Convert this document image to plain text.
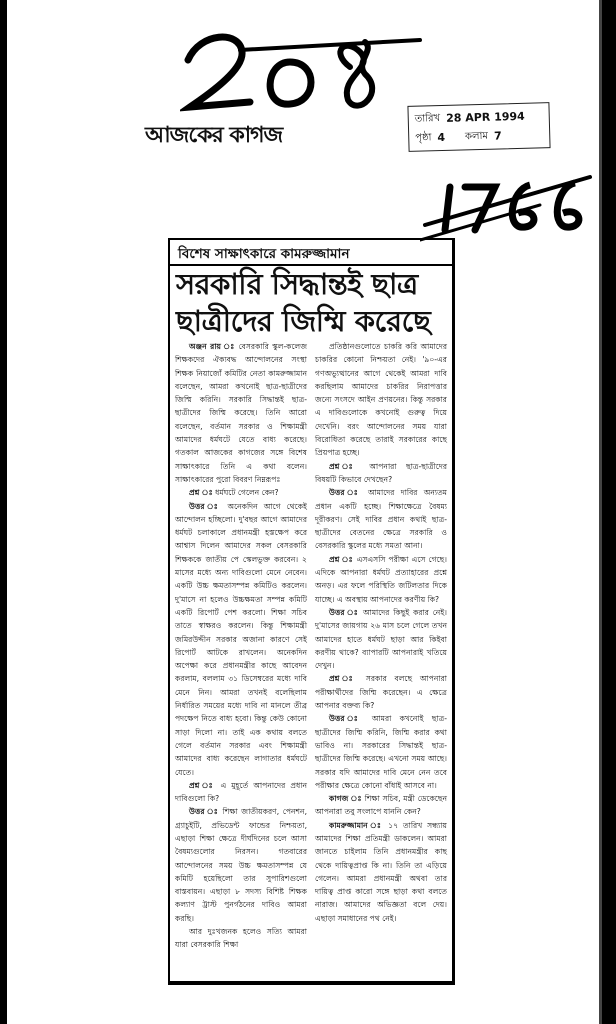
আজকের কাগজ
তারিখ 28 APR 1994
পৃষ্ঠা 4 কলাম 7
বিশেষ সাক্ষাৎকারে কামরুজ্জামান
সরকারি সিদ্ধান্তই ছাত্র
ছাত্রীদের জিম্মি করেছে

অঞ্জন রায় ঃ বেসরকারি স্কুল-কলেজ শিক্ষকদের ঐক্যবদ্ধ আন্দোলনের সংস্থা শিক্ষক নিয়াজোঁ কমিটির নেতা কামরুজ্জামান বলেছেন, আমরা কখনোই ছাত্র-ছাত্রীদের জিম্মি করিনি। সরকারি সিদ্ধান্তই ছাত্র-ছাত্রীদের জিম্মি করেছে। তিনি আরো বলেছেন, বর্তমান সরকার ও শিক্ষামন্ত্রী আমাদের ধর্মঘটে যেতে বাধ্য করেছে। গতকাল আজকের কাগজের সঙ্গে বিশেষ সাক্ষাৎকারে তিনি এ কথা বলেন। সাক্ষাৎকারের পুরো বিবরণ নিম্নরূপঃ

প্রশ্ন ঃ ধর্মঘটে গেলেন কেন?

উত্তর ঃ অনেকদিন আগে থেকেই আন্দোলন হচ্ছিলো। দু'বছর আগে আমাদের ধর্মঘট চলাকালে প্রধানমন্ত্রী হস্তক্ষেপ করে আশ্বাস দিলেন আমাদের সকল বেসরকারি শিক্ষককে জাতীয় পে স্কেলভুক্ত করবেন। ২ মাসের মধ্যে অন্য দাবিগুলো মেনে নেবেন। একটি উচ্চ ক্ষমতাসম্পন্ন কমিটিও করলেন। দু'মাসে না হলেও উচ্চক্ষমতা সম্পন্ন কমিটি একটি রিপোর্ট পেশ করলো। শিক্ষা সচিব তাতে স্বাক্ষরও করলেন। কিন্তু শিক্ষামন্ত্রী জমিরউদ্দীন সরকার অজানা কারণে সেই রিপোর্ট আটকে রাখলেন। অনেকদিন অপেক্ষা করে প্রধানমন্ত্রীর কাছে আবেদন করলাম, বললাম ৩১ ডিসেম্বরের মধ্যে দাবি মেনে নিন। আমরা তখনই বলেছিলাম নির্ধারিত সময়ের মধ্যে দাবি না মানলে তীব্র পদক্ষেপ নিতে বাধ্য হবো। কিন্তু কেউ কোনো সাড়া দিলো না। তাই এক কথায় বলতে গেলে বর্তমান সরকার এবং শিক্ষামন্ত্রী আমাদের বাধ্য করেছেন লাগাতার ধর্মঘটে যেতে।

প্রশ্ন ঃ এ মুহূর্তে আপনাদের প্রধান দাবিগুলো কি?

উত্তর ঃ শিক্ষা জাতীয়করণ, পেনশন, গ্র্যাচুইটি, প্রভিডেন্ট ফান্ডের নিশ্চয়তা, এছাড়া শিক্ষা ক্ষেত্রে দীর্ঘদিনের চলে আসা বৈষম্যগুলোর নিরসন। গতবারের আন্দোলনের সময় উচ্চ ক্ষমতাসম্পন্ন যে কমিটি হয়েছিলো তার সুপারিশগুলো বাস্তবায়ন। এছাড়া ৮ সদস্য বিশিষ্ট শিক্ষক কল্যাণ ট্রাস্ট পুনর্গঠনের দাবিও আমরা করছি।

আর দুঃখজনক হলেও সত্যি আমরা যারা বেসরকারি শিক্ষা

প্রতিষ্ঠানগুলোতে চাকরি করি আমাদের চাকরির কোনো নিশ্চয়তা নেই। '৯০-এর গণঅভ্যুত্থানের আগে থেকেই আমরা দাবি করছিলাম আমাদের চাকরির নিরাপত্তার জন্যে সংসদে আইন প্রণয়নের। কিন্তু সরকার এ দাবিগুলোকে কখনোই গুরুত্ব দিয়ে দেখেনি। বরং আন্দোলনের সময় যারা বিরোধিতা করেছে তারাই সরকারের কাছে প্রিয়পাত্র হচ্ছে।

প্রশ্ন ঃ আপনারা ছাত্র-ছাত্রীদের বিষয়টি কিভাবে দেখছেন?

উত্তর ঃ আমাদের দাবির অন্যতম প্রধান একটি হচ্ছে। শিক্ষাক্ষেত্রে বৈষম্য দূরীকরণ। সেই দাবির প্রধান কথাই ছাত্র-ছাত্রীদের বেতনের ক্ষেত্রে সরকারি ও বেসরকারি স্কুলের মধ্যে সমতা আনা।

প্রশ্ন ঃ এসএসসি পরীক্ষা এসে গেছে। এদিকে আপনারা ধর্মঘট প্রত্যাহারের প্রশ্নে অনড়। এর ফলে পরিস্থিতি জটিলতার দিকে যাচ্ছে। এ অবস্থায় আপনাদের করণীয় কি?

উত্তর ঃ আমাদের কিছুই করার নেই। দু'মাসের জায়গায় ২৬ মাস চলে গেলে তখন আমাদের হাতে ধর্মঘট ছাড়া আর কিইবা করণীয় থাকে? ব্যাপারটি আপনারাই খতিয়ে দেখুন।

প্রশ্ন ঃ সরকার বলছে আপনারা পরীক্ষার্থীদের জিম্মি করেছেন। এ ক্ষেত্রে আপনার বক্তব্য কি?

উত্তর ঃ আমরা কখনোই ছাত্র-ছাত্রীদের জিম্মি করিনি, জিম্মি করার কথা ভাবিও না। সরকারের সিদ্ধান্তই ছাত্র-ছাত্রীদের জিম্মি করেছে। এখনো সময় আছে। সরকার যদি আমাদের দাবি মেনে নেন তবে পরীক্ষার ক্ষেত্রে কোনো বাঁধাই আসবে না।

কাগজ ঃ শিক্ষা সচিব, মন্ত্রী ডেকেছেন আপনারা তবু সংলাপে যাননি কেন?

কামরুজ্জামান ঃ ১৭ তারিখ সন্ধ্যায় আমাদের শিক্ষা প্রতিমন্ত্রী ডাকলেন। আমরা জানতে চাইলাম তিনি প্রধানমন্ত্রীর কাছ থেকে দায়িত্বপ্রাপ্ত কি না। তিনি তা এড়িয়ে গেলেন। আমরা প্রধানমন্ত্রী অথবা তার দায়িত্ব প্রাপ্ত কারো সঙ্গে ছাড়া কথা বলতে নারাজ। আমাদের অভিজ্ঞতা বলে দেয়। এছাড়া সমাধানের পথ নেই।
